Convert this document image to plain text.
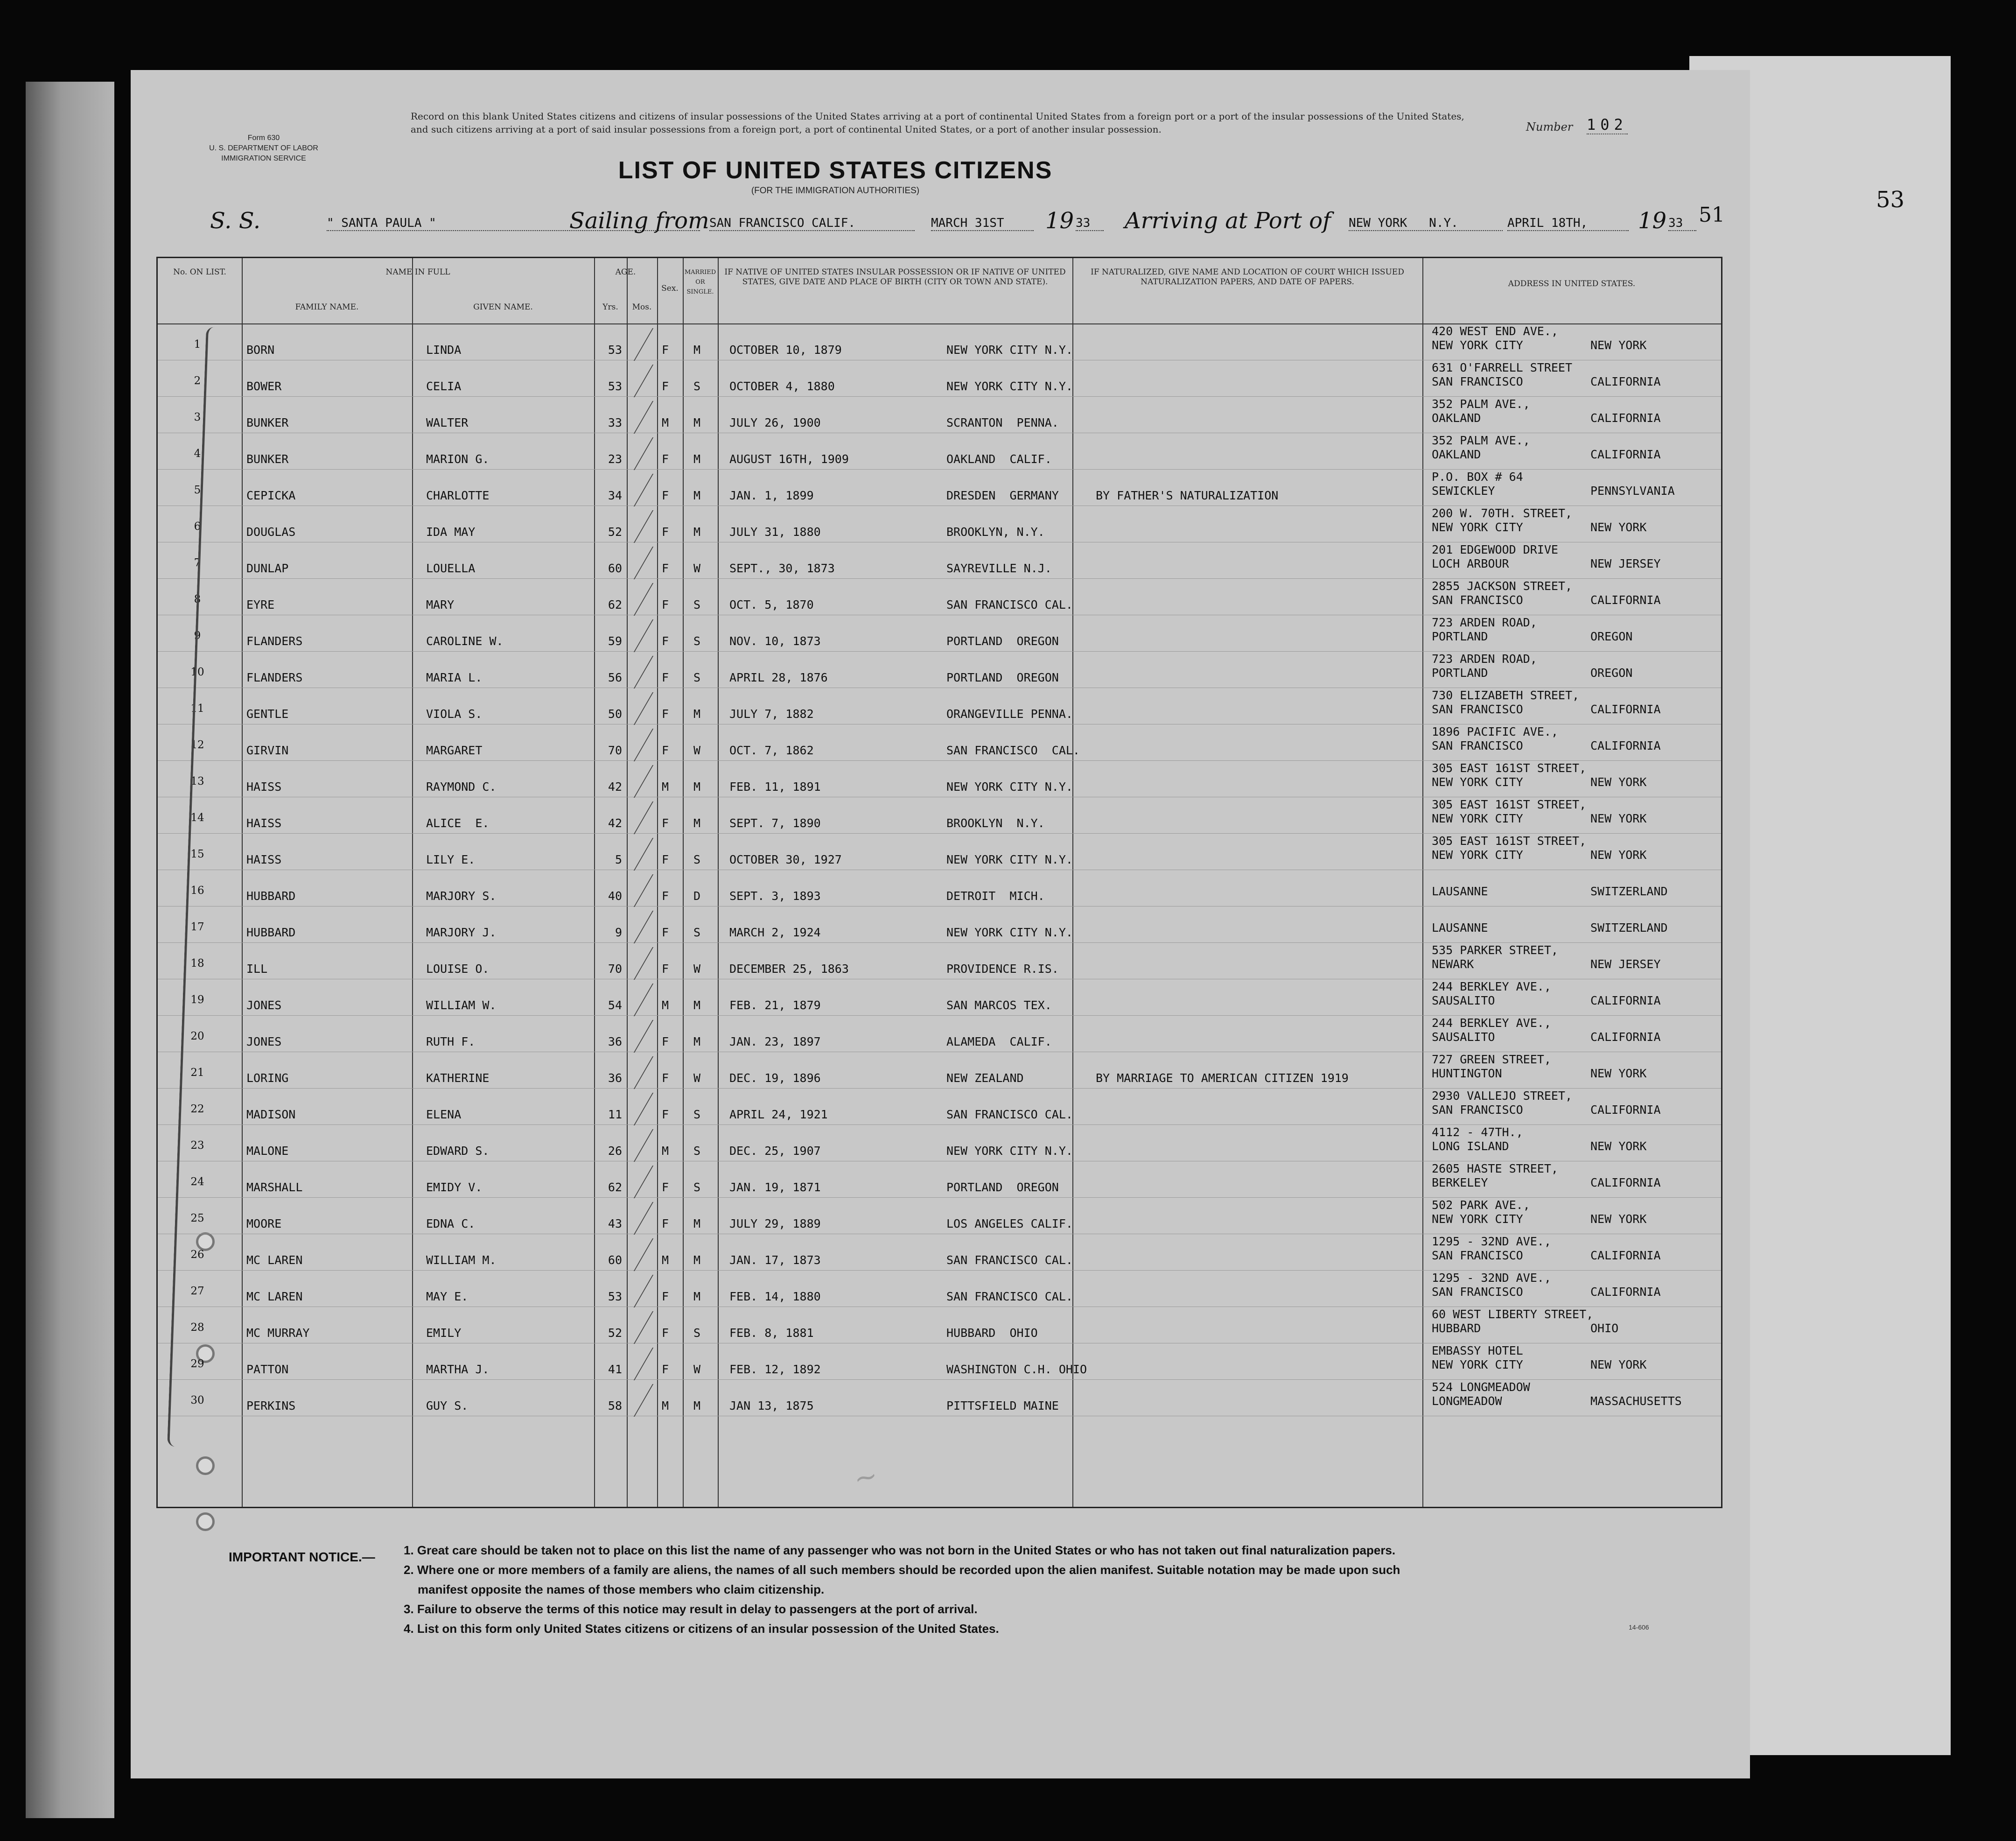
53
Form 630
U. S. DEPARTMENT OF LABOR
IMMIGRATION SERVICE
Record on this blank United States citizens and citizens of insular possessions of the United States arriving at a port of continental United States from a foreign port or a port of the insular possessions of the United States, and such citizens arriving at a port of said insular possessions from a foreign port, a port of continental United States, or a port of another insular possession.	Number 102
LIST OF UNITED STATES CITIZENS
(FOR THE IMMIGRATION AUTHORITIES)
S. S.	" SANTA PAULA "	Sailing from SAN FRANCISCO CALIF.	MARCH 31ST	19 33	Arriving at Port of NEW YORK   N.Y.	APRIL 18TH,	19 33 51
No. ON LIST.	NAME IN FULL
FAMILY NAME.	GIVEN NAME.
AGE.
Yrs.	Mos.
Sex.
MARRIED OR SINGLE.
IF NATIVE OF UNITED STATES INSULAR POSSESSION OR IF NATIVE OF UNITED STATES, GIVE DATE AND PLACE OF BIRTH (CITY OR TOWN AND STATE).
IF NATURALIZED, GIVE NAME AND LOCATION OF COURT WHICH ISSUED NATURALIZATION PAPERS, AND DATE OF PAPERS.	ADDRESS IN UNITED STATES.
1	BORN	LINDA	53	F M OCTOBER 10, 1879	NEW YORK CITY N.Y.
420 WEST END AVE.,
NEW YORK CITY	NEW YORK
2	BOWER	CELIA	53	F S OCTOBER 4, 1880	NEW YORK CITY N.Y.
631 O'FARRELL STREET
SAN FRANCISCO	CALIFORNIA
3	BUNKER	WALTER	33	M M JULY 26, 1900	SCRANTON  PENNA.
352 PALM AVE.,
OAKLAND	CALIFORNIA
4	BUNKER	MARION G.	23	F M AUGUST 16TH, 1909	OAKLAND  CALIF.
352 PALM AVE.,
OAKLAND	CALIFORNIA
5	CEPICKA	CHARLOTTE	34	F M JAN. 1, 1899	DRESDEN  GERMANY	BY FATHER'S NATURALIZATION
P.O. BOX # 64
SEWICKLEY	PENNSYLVANIA
6	DOUGLAS	IDA MAY	52	F M JULY 31, 1880	BROOKLYN, N.Y.
200 W. 70TH. STREET,
NEW YORK CITY	NEW YORK
7	DUNLAP	LOUELLA	60	F W SEPT., 30, 1873	SAYREVILLE N.J.
201 EDGEWOOD DRIVE
LOCH ARBOUR	NEW JERSEY
8	EYRE	MARY	62	F S OCT. 5, 1870	SAN FRANCISCO CAL.
2855 JACKSON STREET,
SAN FRANCISCO	CALIFORNIA
9	FLANDERS	CAROLINE W.	59	F S NOV. 10, 1873	PORTLAND  OREGON
723 ARDEN ROAD,
PORTLAND	OREGON
10	FLANDERS	MARIA L.	56	F S APRIL 28, 1876	PORTLAND  OREGON
723 ARDEN ROAD,
PORTLAND	OREGON
11	GENTLE	VIOLA S.	50	F M JULY 7, 1882	ORANGEVILLE PENNA.
730 ELIZABETH STREET,
SAN FRANCISCO	CALIFORNIA
12	GIRVIN	MARGARET	70	F W OCT. 7, 1862	SAN FRANCISCO  CAL.
1896 PACIFIC AVE.,
SAN FRANCISCO	CALIFORNIA
13	HAISS	RAYMOND C.	42	M M FEB. 11, 1891	NEW YORK CITY N.Y.
305 EAST 161ST STREET,
NEW YORK CITY	NEW YORK
14	HAISS	ALICE  E.	42	F M SEPT. 7, 1890	BROOKLYN  N.Y.
305 EAST 161ST STREET,
NEW YORK CITY	NEW YORK
15	HAISS	LILY E.	5	F S OCTOBER 30, 1927	NEW YORK CITY N.Y.
305 EAST 161ST STREET,
NEW YORK CITY	NEW YORK
16	HUBBARD	MARJORY S.	40	F D SEPT. 3, 1893	DETROIT  MICH.	LAUSANNE	SWITZERLAND
17	HUBBARD	MARJORY J.	9	F S MARCH 2, 1924	NEW YORK CITY N.Y.	LAUSANNE	SWITZERLAND
18	ILL	LOUISE O.	70	F W DECEMBER 25, 1863	PROVIDENCE R.IS.
535 PARKER STREET,
NEWARK	NEW JERSEY
19	JONES	WILLIAM W.	54	M M FEB. 21, 1879	SAN MARCOS TEX.
244 BERKLEY AVE.,
SAUSALITO	CALIFORNIA
20	JONES	RUTH F.	36	F M JAN. 23, 1897	ALAMEDA  CALIF.
244 BERKLEY AVE.,
SAUSALITO	CALIFORNIA
21	LORING	KATHERINE	36	F W DEC. 19, 1896	NEW ZEALAND	BY MARRIAGE TO AMERICAN CITIZEN 1919
727 GREEN STREET,
HUNTINGTON	NEW YORK
22	MADISON	ELENA	11	F S APRIL 24, 1921	SAN FRANCISCO CAL.
2930 VALLEJO STREET,
SAN FRANCISCO	CALIFORNIA
23	MALONE	EDWARD S.	26	M S DEC. 25, 1907	NEW YORK CITY N.Y.
4112 - 47TH.,
LONG ISLAND	NEW YORK
24	MARSHALL	EMIDY V.	62	F S JAN. 19, 1871	PORTLAND  OREGON
2605 HASTE STREET,
BERKELEY	CALIFORNIA
25	MOORE	EDNA C.	43	F M JULY 29, 1889	LOS ANGELES CALIF.
502 PARK AVE.,
NEW YORK CITY	NEW YORK
26	MC LAREN	WILLIAM M.	60	M M JAN. 17, 1873	SAN FRANCISCO CAL.
1295 - 32ND AVE.,
SAN FRANCISCO	CALIFORNIA
27	MC LAREN	MAY E.	53	F M FEB. 14, 1880	SAN FRANCISCO CAL.
1295 - 32ND AVE.,
SAN FRANCISCO	CALIFORNIA
28	MC MURRAY	EMILY	52	F S FEB. 8, 1881	HUBBARD  OHIO
60 WEST LIBERTY STREET,
HUBBARD	OHIO
29	PATTON	MARTHA J.	41	F W FEB. 12, 1892	WASHINGTON C.H. OHIO
EMBASSY HOTEL
NEW YORK CITY	NEW YORK
30	PERKINS	GUY S.	58	M M JAN 13, 1875	PITTSFIELD MAINE
524 LONGMEADOW
LONGMEADOW	MASSACHUSETTS
~
IMPORTANT NOTICE.— 1. Great care should be taken not to place on this list the name of any passenger who was not born in the United States or who has not taken out final naturalization papers.
2. Where one or more members of a family are aliens, the names of all such members should be recorded upon the alien manifest. Suitable notation may be made upon such
manifest opposite the names of those members who claim citizenship.
3. Failure to observe the terms of this notice may result in delay to passengers at the port of arrival.
4. List on this form only United States citizens or citizens of an insular possession of the United States.	14-606
